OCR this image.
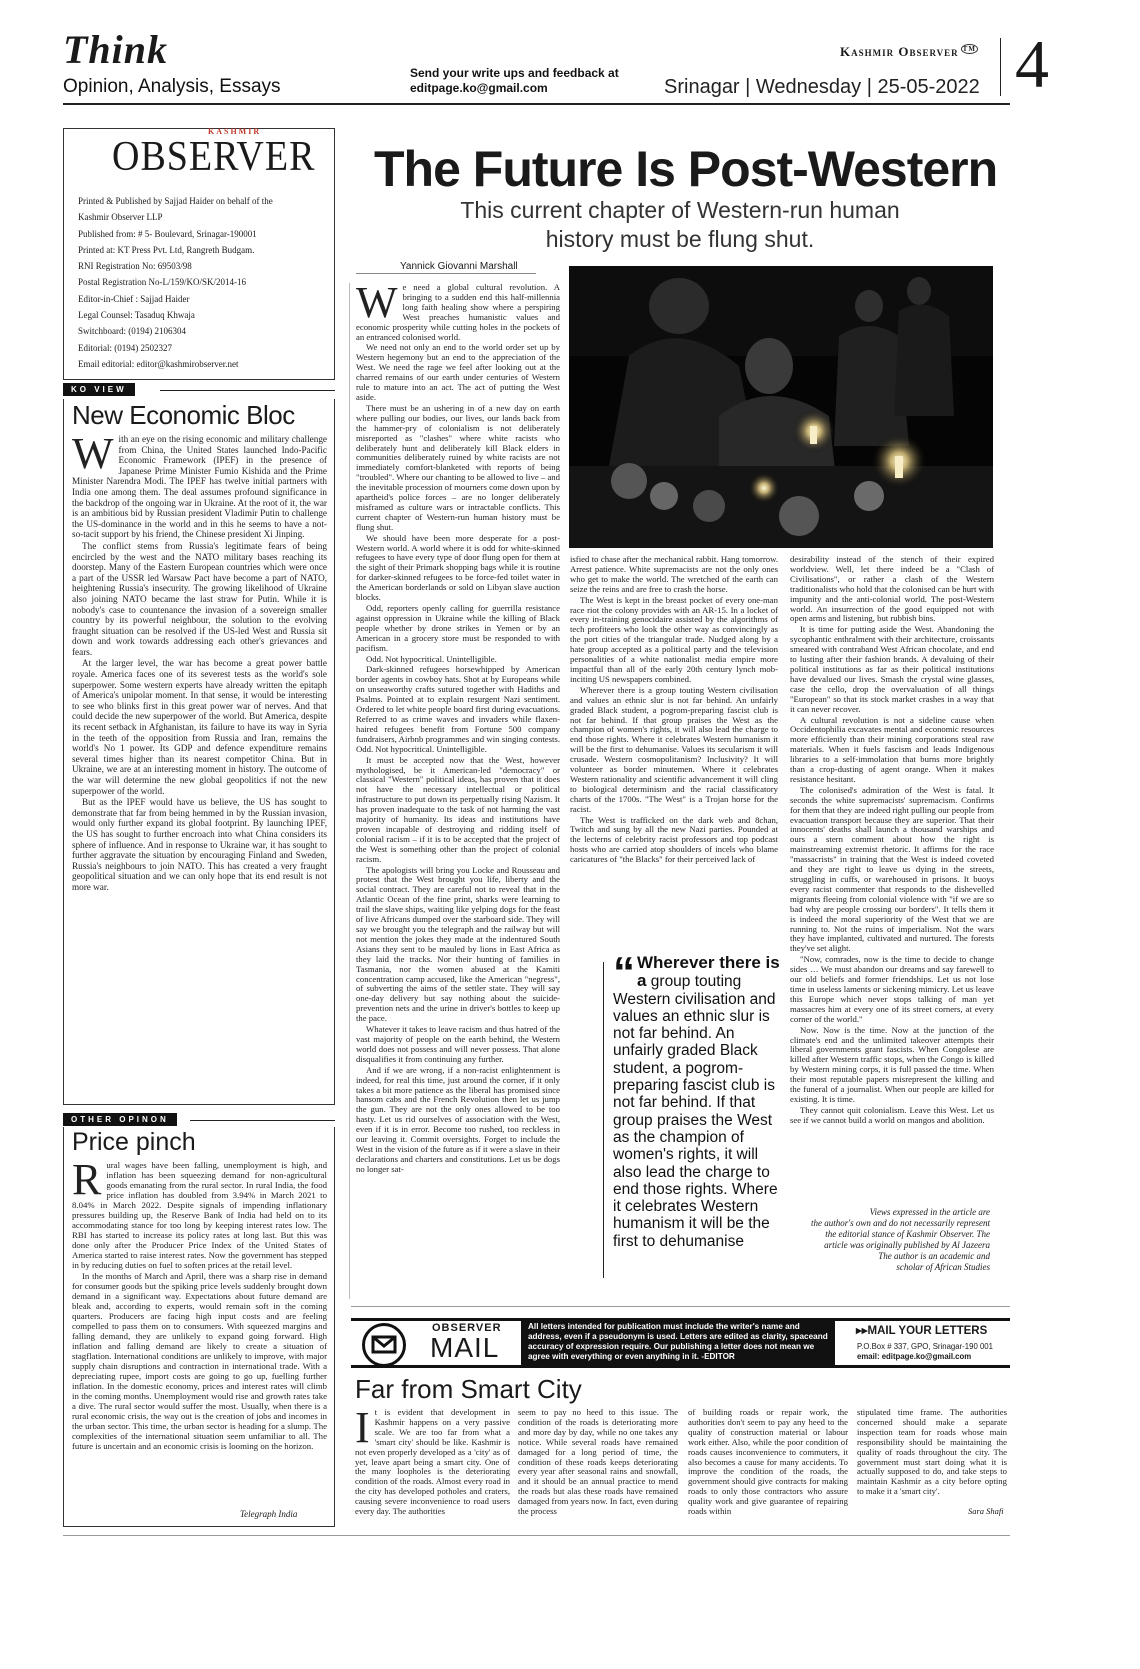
Think
Opinion, Analysis, Essays
Send your write ups and feedback at
editpage.ko@gmail.com
Kashmir Observer ™
Srinagar | Wednesday | 25-05-2022 4
KASHMIR
OBSERVER
Printed & Published by Sajjad Haider on behalf of the
Kashmir Observer LLP
Published from: # 5- Boulevard, Srinagar-190001
Printed at: KT Press Pvt. Ltd, Rangreth Budgam.
RNI Registration No: 69503/98
Postal Registration No-L/159/KO/SK/2014-16
Editor-in-Chief : Sajjad Haider
Legal Counsel: Tasaduq Khwaja
Switchboard: (0194) 2106304
Editorial: (0194) 2502327
Email editorial: editor@kashmirobserver.net
KO VIEW
New Economic Bloc

With an eye on the rising economic and military challenge from China, the United States launched Indo-Pacific Economic Framework (IPEF) in the presence of Japanese Prime Minister Fumio Kishida and the Prime Minister Narendra Modi. The IPEF has twelve initial partners with India one among them. The deal assumes profound significance in the backdrop of the ongoing war in Ukraine. At the root of it, the war is an ambitious bid by Russian president Vladimir Putin to challenge the US-dominance in the world and in this he seems to have a not-so-tacit support by his friend, the Chinese president Xi Jinping.

The conflict stems from Russia's legitimate fears of being encircled by the west and the NATO military bases reaching its doorstep. Many of the Eastern European countries which were once a part of the USSR led Warsaw Pact have become a part of NATO, heightening Russia's insecurity. The growing likelihood of Ukraine also joining NATO became the last straw for Putin. While it is nobody's case to countenance the invasion of a sovereign smaller country by its powerful neighbour, the solution to the evolving fraught situation can be resolved if the US-led West and Russia sit down and work towards addressing each other's grievances and fears.

At the larger level, the war has become a great power battle royale. America faces one of its severest tests as the world's sole superpower. Some western experts have already written the epitaph of America's unipolar moment. In that sense, it would be interesting to see who blinks first in this great power war of nerves. And that could decide the new superpower of the world. But America, despite its recent setback in Afghanistan, its failure to have its way in Syria in the teeth of the opposition from Russia and Iran, remains the world's No 1 power. Its GDP and defence expenditure remains several times higher than its nearest competitor China. But in Ukraine, we are at an interesting moment in history. The outcome of the war will determine the new global geopolitics if not the new superpower of the world.

But as the IPEF would have us believe, the US has sought to demonstrate that far from being hemmed in by the Russian invasion, would only further expand its global footprint. By launching IPEF, the US has sought to further encroach into what China considers its sphere of influence. And in response to Ukraine war, it has sought to further aggravate the situation by encouraging Finland and Sweden, Russia's neighbours to join NATO. This has created a very fraught geopolitical situation and we can only hope that its end result is not more war.

OTHER OPINON
Price pinch

Rural wages have been falling, unemployment is high, and inflation has been squeezing demand for non-agricultural goods emanating from the rural sector. In rural India, the food price inflation has doubled from 3.94% in March 2021 to 8.04% in March 2022. Despite signals of impending inflationary pressures building up, the Reserve Bank of India had held on to its accommodating stance for too long by keeping interest rates low. The RBI has started to increase its policy rates at long last. But this was done only after the Producer Price Index of the United States of America started to raise interest rates. Now the government has stepped in by reducing duties on fuel to soften prices at the retail level.

In the months of March and April, there was a sharp rise in demand for consumer goods but the spiking price levels suddenly brought down demand in a significant way. Expectations about future demand are bleak and, according to experts, would remain soft in the coming quarters. Producers are facing high input costs and are feeling compelled to pass them on to consumers. With squeezed margins and falling demand, they are unlikely to expand going forward. High inflation and falling demand are likely to create a situation of stagflation. International conditions are unlikely to improve, with major supply chain disruptions and contraction in international trade. With a depreciating rupee, import costs are going to go up, fuelling further inflation. In the domestic economy, prices and interest rates will climb in the coming months. Unemployment would rise and growth rates take a dive. The rural sector would suffer the most. Usually, when there is a rural economic crisis, the way out is the creation of jobs and incomes in the urban sector. This time, the urban sector is heading for a slump. The complexities of the international situation seem unfamiliar to all. The future is uncertain and an economic crisis is looming on the horizon.

Telegraph India
The Future Is Post-Western
This current chapter of Western-run human
history must be flung shut.
Yannick Giovanni Marshall

We need a global cultural revolution. A bringing to a sudden end this half-millennia long faith healing show where a perspiring West preaches humanistic values and economic prosperity while cutting holes in the pockets of an entranced colonised world.

We need not only an end to the world order set up by Western hegemony but an end to the appreciation of the West. We need the rage we feel after looking out at the charred remains of our earth under centuries of Western rule to mature into an act. The act of putting the West aside.

There must be an ushering in of a new day on earth where pulling our bodies, our lives, our lands back from the hammer-pry of colonialism is not deliberately misreported as "clashes" where white racists who deliberately hunt and deliberately kill Black elders in communities deliberately ruined by white racists are not immediately comfort-blanketed with reports of being "troubled". Where our chanting to be allowed to live – and the inevitable procession of mourners come down upon by apartheid's police forces – are no longer deliberately misframed as culture wars or intractable conflicts. This current chapter of Western-run human history must be flung shut.

We should have been more desperate for a post-Western world. A world where it is odd for white-skinned refugees to have every type of door flung open for them at the sight of their Primark shopping bags while it is routine for darker-skinned refugees to be force-fed toilet water in the American borderlands or sold on Libyan slave auction blocks.

Odd, reporters openly calling for guerrilla resistance against oppression in Ukraine while the killing of Black people whether by drone strikes in Yemen or by an American in a grocery store must be responded to with pacifism.

Odd. Not hypocritical. Unintelligible.

Dark-skinned refugees horsewhipped by American border agents in cowboy hats. Shot at by Europeans while on unseaworthy crafts sutured together with Hadiths and Psalms. Pointed at to explain resurgent Nazi sentiment. Ordered to let white people board first during evacuations. Referred to as crime waves and invaders while flaxen-haired refugees benefit from Fortune 500 company fundraisers, Airbnb programmes and win singing contests. Odd. Not hypocritical. Unintelligible.

It must be accepted now that the West, however mythologised, be it American-led "democracy" or classical "Western" political ideas, has proven that it does not have the necessary intellectual or political infrastructure to put down its perpetually rising Nazism. It has proven inadequate to the task of not harming the vast majority of humanity. Its ideas and institutions have proven incapable of destroying and ridding itself of colonial racism – if it is to be accepted that the project of the West is something other than the project of colonial racism.

The apologists will bring you Locke and Rousseau and protest that the West brought you life, liberty and the social contract. They are careful not to reveal that in the Atlantic Ocean of the fine print, sharks were learning to trail the slave ships, waiting like yelping dogs for the feast of live Africans dumped over the starboard side. They will say we brought you the telegraph and the railway but will not mention the jokes they made at the indentured South Asians they sent to be mauled by lions in East Africa as they laid the tracks. Nor their hunting of families in Tasmania, nor the women abused at the Kamiti concentration camp accused, like the American "negress", of subverting the aims of the settler state. They will say one-day delivery but say nothing about the suicide-prevention nets and the urine in driver's bottles to keep up the pace.

Whatever it takes to leave racism and thus hatred of the vast majority of people on the earth behind, the Western world does not possess and will never possess. That alone disqualifies it from continuing any further.

And if we are wrong, if a non-racist enlightenment is indeed, for real this time, just around the corner, if it only takes a bit more patience as the liberal has promised since hansom cabs and the French Revolution then let us jump the gun. They are not the only ones allowed to be too hasty. Let us rid ourselves of association with the West, even if it is in error. Become too rushed, too reckless in our leaving it. Commit oversights. Forget to include the West in the vision of the future as if it were a slave in their declarations and charters and constitutions. Let us be dogs no longer sat-

isfied to chase after the mechanical rabbit. Hang tomorrow. Arrest patience. White supremacists are not the only ones who get to make the world. The wretched of the earth can seize the reins and are free to crash the horse.

The West is kept in the breast pocket of every one-man race riot the colony provides with an AR-15. In a locket of every in-training genocidaire assisted by the algorithms of tech profiteers who look the other way as convincingly as the port cities of the triangular trade. Nudged along by a hate group accepted as a political party and the television personalities of a white nationalist media empire more impactful than all of the early 20th century lynch mob-inciting US newspapers combined.

Wherever there is a group touting Western civilisation and values an ethnic slur is not far behind. An unfairly graded Black student, a pogrom-preparing fascist club is not far behind. If that group praises the West as the champion of women's rights, it will also lead the charge to end those rights. Where it celebrates Western humanism it will be the first to dehumanise. Values its secularism it will crusade. Western cosmopolitanism? Inclusivity? It will volunteer as border minutemen. Where it celebrates Western rationality and scientific advancement it will cling to biological determinism and the racial classificatory charts of the 1700s. "The West" is a Trojan horse for the racist.

The West is trafficked on the dark web and 8chan, Twitch and sung by all the new Nazi parties. Pounded at the lecterns of celebrity racist professors and top podcast hosts who are carried atop shoulders of incels who blame caricatures of "the Blacks" for their perceived lack of

desirability instead of the stench of their expired worldview. Well, let there indeed be a "Clash of Civilisations", or rather a clash of the Western traditionalists who hold that the colonised can be hurt with impunity and the anti-colonial world. The post-Western world. An insurrection of the good equipped not with open arms and listening, but rubbish bins.

It is time for putting aside the West. Abandoning the sycophantic enthralment with their architecture, croissants smeared with contraband West African chocolate, and end to lusting after their fashion brands. A devaluing of their political institutions as far as their political institutions have devalued our lives. Smash the crystal wine glasses, case the cello, drop the overvaluation of all things "European" so that its stock market crashes in a way that it can never recover.

A cultural revolution is not a sideline cause when Occidentophilia excavates mental and economic resources more efficiently than their mining corporations steal raw materials. When it fuels fascism and leads Indigenous libraries to a self-immolation that burns more brightly than a crop-dusting of agent orange. When it makes resistance hesitant.

The colonised's admiration of the West is fatal. It seconds the white supremacists' supremacism. Confirms for them that they are indeed right pulling our people from evacuation transport because they are superior. That their innocents' deaths shall launch a thousand warships and ours a stern comment about how the right is mainstreaming extremist rhetoric. It affirms for the race "massacrists" in training that the West is indeed coveted and they are right to leave us dying in the streets, struggling in cuffs, or warehoused in prisons. It buoys every racist commenter that responds to the dishevelled migrants fleeing from colonial violence with "if we are so bad why are people crossing our borders". It tells them it is indeed the moral superiority of the West that we are running to. Not the ruins of imperialism. Not the wars they have implanted, cultivated and nurtured. The forests they've set alight.

"Now, comrades, now is the time to decide to change sides … We must abandon our dreams and say farewell to our old beliefs and former friendships. Let us not lose time in useless laments or sickening mimicry. Let us leave this Europe which never stops talking of man yet massacres him at every one of its street corners, at every corner of the world."

Now. Now is the time. Now at the junction of the climate's end and the unlimited takeover attempts their liberal governments grant fascists. When Congolese are killed after Western traffic stops, when the Congo is killed by Western mining corps, it is full passed the time. When their most reputable papers misrepresent the killing and the funeral of a journalist. When our people are killed for existing. It is time.

They cannot quit colonialism. Leave this West. Let us see if we cannot build a world on mangos and abolition.

“ Wherever there is a group touting Western civilisation and values an ethnic slur is not far behind. An unfairly graded Black student, a pogrom-preparing fascist club is not far behind. If that group praises the West as the champion of women's rights, it will also lead the charge to end those rights. Where it celebrates Western humanism it will be the first to dehumanise
Views expressed in the article are
the author's own and do not necessarily represent
the editorial stance of Kashmir Observer. The
article was originally published by Al Jazeera
The author is an academic and
scholar of African Studies
All letters intended for publication must include the writer's name and address, even if a pseudonym is used. Letters are edited as clarity, spaceand accuracy of expression require. Our publishing a letter does not mean we agree with everything or even anything in it. -EDITOR
▸▸MAIL YOUR LETTERS
P.O.Box # 337, GPO, Srinagar-190 001
email: editpage.ko@gmail.com
OBSERVER
MAIL
Far from Smart City

It is evident that development in Kashmir happens on a very passive scale. We are too far from what a 'smart city' should be like. Kashmir is not even properly developed as a 'city' as of yet, leave apart being a smart city. One of the many loopholes is the deteriorating condition of the roads. Almost every road in the city has developed potholes and craters, causing severe inconvenience to road users every day. The authorities

seem to pay no heed to this issue. The condition of the roads is deteriorating more and more day by day, while no one takes any notice. While several roads have remained damaged for a long period of time, the condition of these roads keeps deteriorating every year after seasonal rains and snowfall, and it should be an annual practice to mend the roads but alas these roads have remained damaged from years now. In fact, even during the process

of building roads or repair work, the authorities don't seem to pay any heed to the quality of construction material or labour work either. Also, while the poor condition of roads causes inconvenience to commuters, it also becomes a cause for many accidents. To improve the condition of the roads, the government should give contracts for making roads to only those contractors who assure quality work and give guarantee of repairing roads within

stipulated time frame. The authorities concerned should make a separate inspection team for roads whose main responsibility should be maintaining the quality of roads throughout the city. The government must start doing what it is actually supposed to do, and take steps to maintain Kashmir as a city before opting to make it a 'smart city'.

Sara Shafi
